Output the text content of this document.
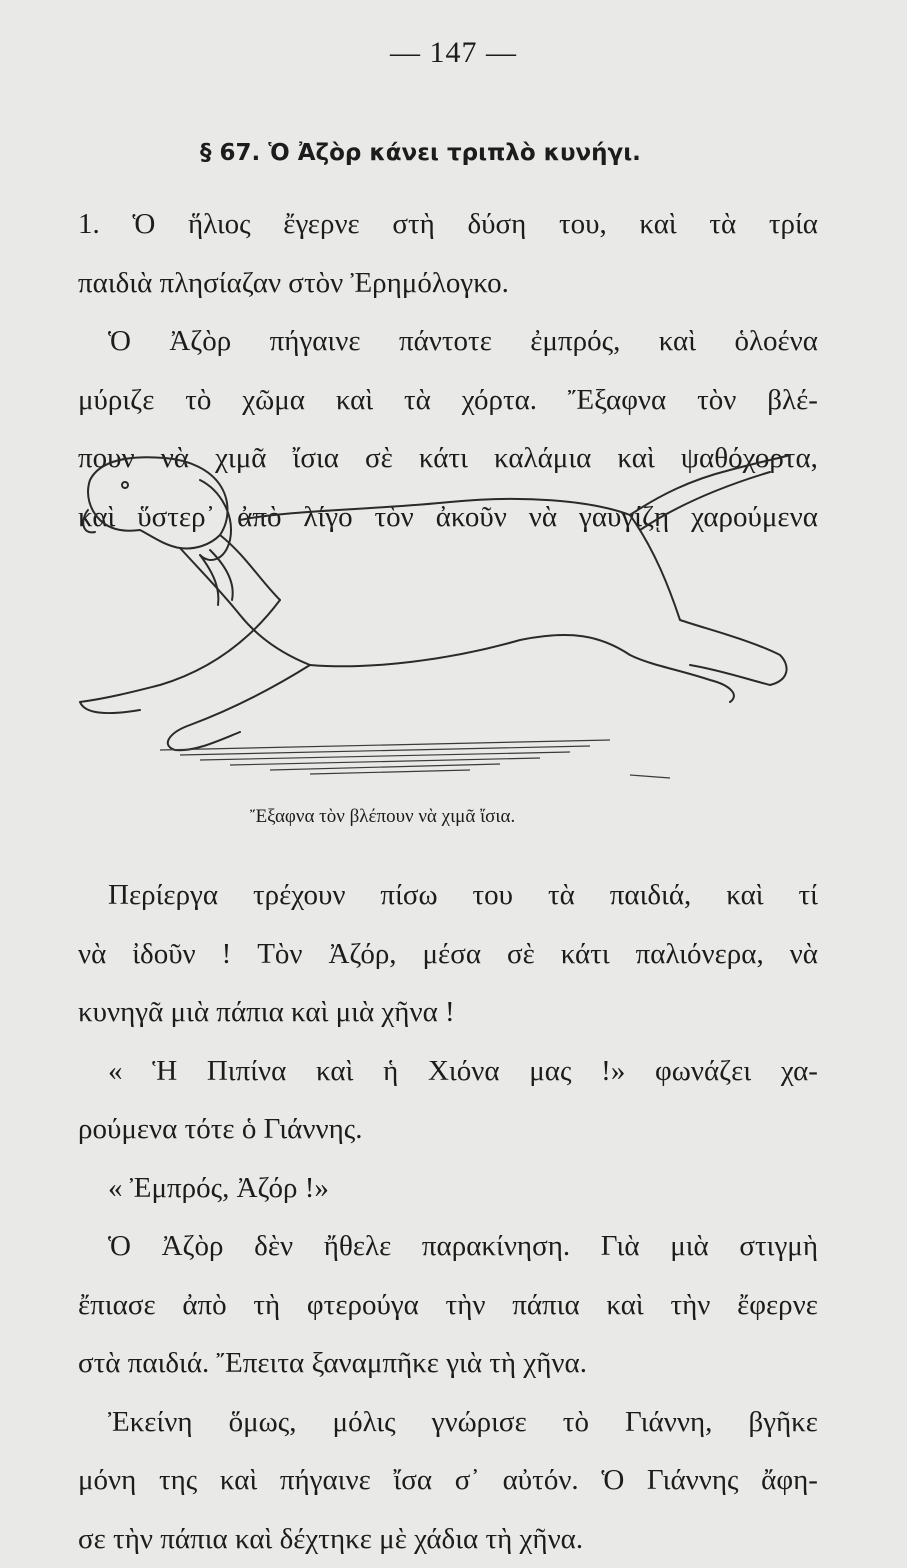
— 147 —
§ 67. Ὁ Ἀζὸρ κάνει τριπλὸ κυνήγι.
1. Ὁ ἥλιος ἔγερνε στὴ δύση του, καὶ τὰ τρία
παιδιὰ πλησίαζαν στὸν Ἐρημόλογκο.
Ὁ Ἀζὸρ πήγαινε πάντοτε ἐμπρός, καὶ ὁλοένα
μύριζε τὸ χῶμα καὶ τὰ χόρτα. Ἔξαφνα τὸν βλέ-
πουν νὰ χιμᾶ ἴσια σὲ κάτι καλάμια καὶ ψαθόχορτα,
καὶ ὕστερ᾽ ἀπὸ λίγο τὸν ἀκοῦν νὰ γαυγίζῃ χαρούμενα
Ἔξαφνα τὸν βλέπουν νὰ χιμᾶ ἴσια.
Περίεργα τρέχουν πίσω του τὰ παιδιά, καὶ τί
νὰ ἰδοῦν ! Τὸν Ἀζόρ, μέσα σὲ κάτι παλιόνερα, νὰ
κυνηγᾶ μιὰ πάπια καὶ μιὰ χῆνα !
« Ἡ Πιπίνα καὶ ἡ Χιόνα μας !» φωνάζει χα-
ρούμενα τότε ὁ Γιάννης.
« Ἐμπρός, Ἀζόρ !»
Ὁ Ἀζὸρ δὲν ἤθελε παρακίνηση. Γιὰ μιὰ στιγμὴ
ἔπιασε ἀπὸ τὴ φτερούγα τὴν πάπια καὶ τὴν ἔφερνε
στὰ παιδιά. Ἔπειτα ξαναμπῆκε γιὰ τὴ χῆνα.
Ἐκείνη ὅμως, μόλις γνώρισε τὸ Γιάννη, βγῆκε
μόνη της καὶ πήγαινε ἴσα σ᾽ αὐτόν. Ὁ Γιάννης ἄφη-
σε τὴν πάπια καὶ δέχτηκε μὲ χάδια τὴ χῆνα.
